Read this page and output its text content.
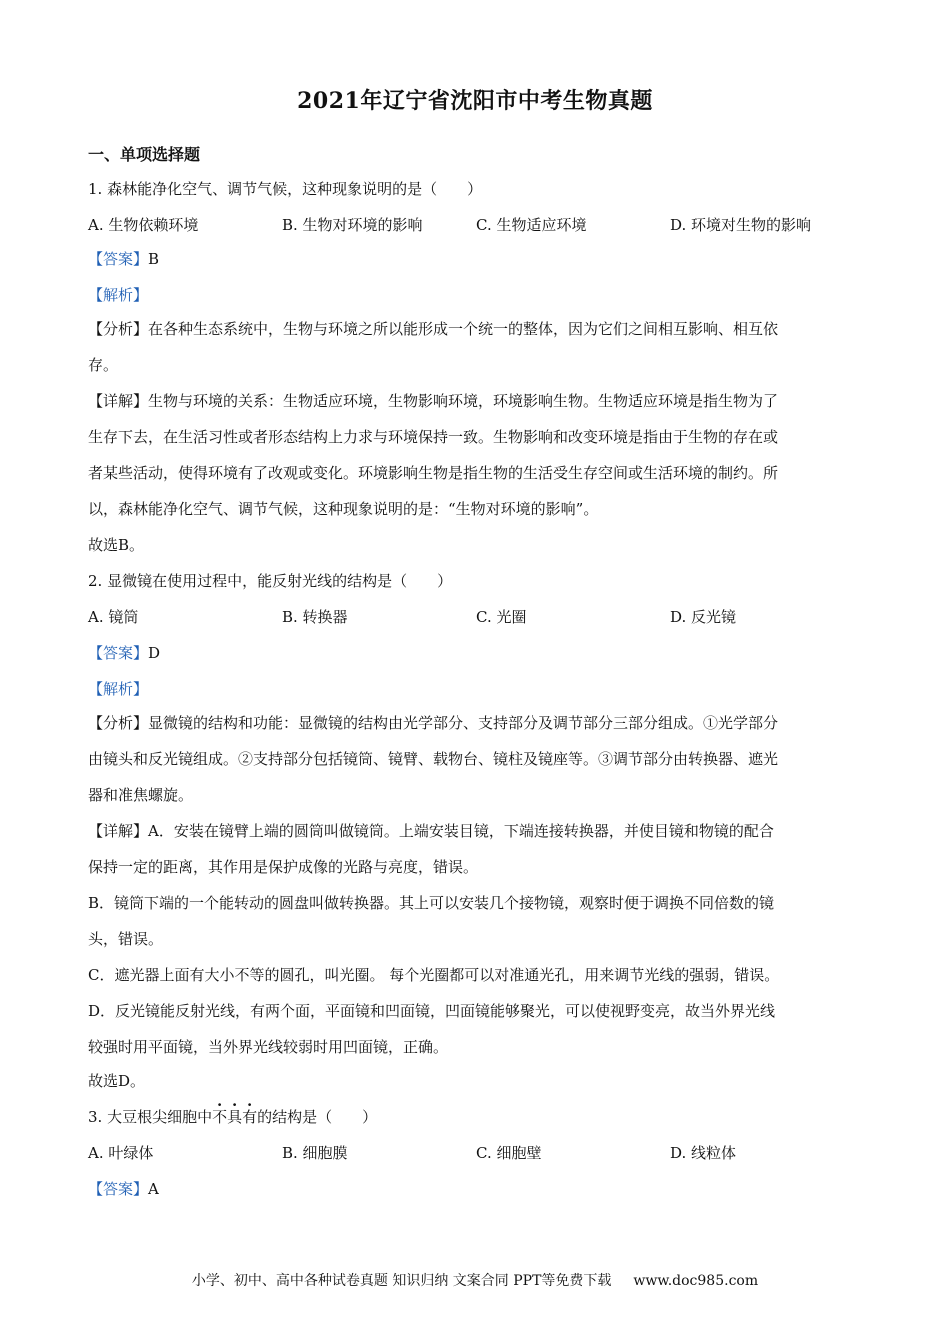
2021年辽宁省沈阳市中考生物真题
一、单项选择题
1. 森林能净化空气、调节气候，这种现象说明的是（　　）
A. 生物依赖环境	B. 生物对环境的影响	C. 生物适应环境	D. 环境对生物的影响
【答案】B
【解析】
【分析】在各种生态系统中，生物与环境之所以能形成一个统一的整体，因为它们之间相互影响、相互依
存。
【详解】生物与环境的关系：生物适应环境，生物影响环境，环境影响生物。生物适应环境是指生物为了
生存下去，在生活习性或者形态结构上力求与环境保持一致。生物影响和改变环境是指由于生物的存在或
者某些活动，使得环境有了改观或变化。环境影响生物是指生物的生活受生存空间或生活环境的制约。所
以，森林能净化空气、调节气候，这种现象说明的是：“生物对环境的影响”。
故选B。
2. 显微镜在使用过程中，能反射光线的结构是（　　）
A. 镜筒	B. 转换器	C. 光圈	D. 反光镜
【答案】D
【解析】
【分析】显微镜的结构和功能：显微镜的结构由光学部分、支持部分及调节部分三部分组成。①光学部分
由镜头和反光镜组成。②支持部分包括镜筒、镜臂、载物台、镜柱及镜座等。③调节部分由转换器、遮光
器和准焦螺旋。
【详解】A．安装在镜臂上端的圆筒叫做镜筒。上端安装目镜，下端连接转换器，并使目镜和物镜的配合
保持一定的距离，其作用是保护成像的光路与亮度，错误。
B．镜筒下端的一个能转动的圆盘叫做转换器。其上可以安装几个接物镜，观察时便于调换不同倍数的镜
头，错误。
C．遮光器上面有大小不等的圆孔，叫光圈。 每个光圈都可以对准通光孔，用来调节光线的强弱，错误。
D．反光镜能反射光线，有两个面，平面镜和凹面镜，凹面镜能够聚光，可以使视野变亮，故当外界光线
较强时用平面镜，当外界光线较弱时用凹面镜，正确。
故选D。
3. 大豆根尖细胞中不具有的结构是（　　）
A. 叶绿体	B. 细胞膜	C. 细胞壁	D. 线粒体
【答案】A
小学、初中、高中各种试卷真题 知识归纳 文案合同 PPT等免费下载 www.doc985.com
